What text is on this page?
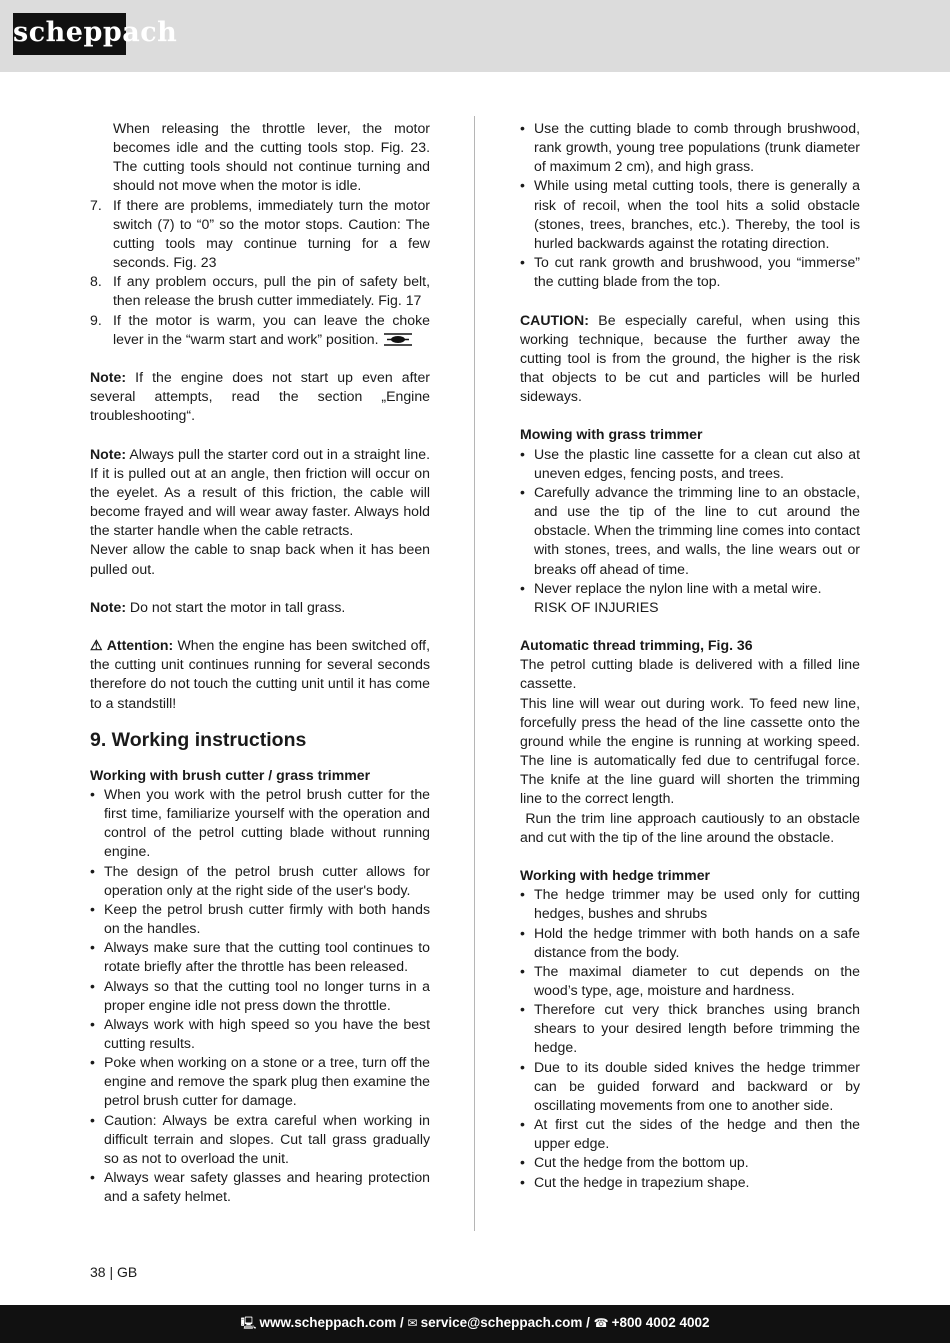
scheppach

When releasing the throttle lever, the motor becomes idle and the cutting tools stop. Fig. 23. The cutting tools should not continue turning and should not move when the motor is idle.

7. If there are problems, immediately turn the motor switch (7) to “0” so the motor stops. Caution: The cutting tools may continue turning for a few seconds. Fig. 23
8. If any problem occurs, pull the pin of safety belt, then release the brush cutter immediately. Fig. 17
9. If the motor is warm, you can leave the choke lever in the “warm start and work” position.

Note: If the engine does not start up even after several attempts, read the section „Engine troubleshooting“.

Note: Always pull the starter cord out in a straight line. If it is pulled out at an angle, then friction will occur on the eyelet. As a result of this friction, the cable will become frayed and will wear away faster. Always hold the starter handle when the cable retracts.

Never allow the cable to snap back when it has been pulled out.

Note: Do not start the motor in tall grass.

⚠ Attention: When the engine has been switched off, the cutting unit continues running for several seconds therefore do not touch the cutting unit until it has come to a standstill!

9. Working instructions

Working with brush cutter / grass trimmer

• When you work with the petrol brush cutter for the first time, familiarize yourself with the operation and control of the petrol cutting blade without running engine.
• The design of the petrol brush cutter allows for operation only at the right side of the user's body.
• Keep the petrol brush cutter firmly with both hands on the handles.
• Always make sure that the cutting tool continues to rotate briefly after the throttle has been released.
• Always so that the cutting tool no longer turns in a proper engine idle not press down the throttle.
• Always work with high speed so you have the best cutting results.
• Poke when working on a stone or a tree, turn off the engine and remove the spark plug then examine the petrol brush cutter for damage.
• Caution: Always be extra careful when working in difficult terrain and slopes. Cut tall grass gradually so as not to overload the unit.
• Always wear safety glasses and hearing protection and a safety helmet.
• Use the cutting blade to comb through brushwood, rank growth, young tree populations (trunk diameter of maximum 2 cm), and high grass.
• While using metal cutting tools, there is generally a risk of recoil, when the tool hits a solid obstacle (stones, trees, branches, etc.). Thereby, the tool is hurled backwards against the rotating direction.
• To cut rank growth and brushwood, you “immerse” the cutting blade from the top.

CAUTION: Be especially careful, when using this working technique, because the further away the cutting tool is from the ground, the higher is the risk that objects to be cut and particles will be hurled sideways.

Mowing with grass trimmer

• Use the plastic line cassette for a clean cut also at uneven edges, fencing posts, and trees.
• Carefully advance the trimming line to an obstacle, and use the tip of the line to cut around the obstacle. When the trimming line comes into contact with stones, trees, and walls, the line wears out or breaks off ahead of time.
• Never replace the nylon line with a metal wire.
RISK OF INJURIES

Automatic thread trimming, Fig. 36

The petrol cutting blade is delivered with a filled line cassette.

This line will wear out during work. To feed new line, forcefully press the head of the line cassette onto the ground while the engine is running at working speed. The line is automatically fed due to centrifugal force. The knife at the line guard will shorten the trimming line to the correct length.

Run the trim line approach cautiously to an obstacle and cut with the tip of the line around the obstacle.

Working with hedge trimmer

• The hedge trimmer may be used only for cutting hedges, bushes and shrubs
• Hold the hedge trimmer with both hands on a safe distance from the body.
• The maximal diameter to cut depends on the wood’s type, age, moisture and hardness.
• Therefore cut very thick branches using branch shears to your desired length before trimming the hedge.
• Due to its double sided knives the hedge trimmer can be guided forward and backward or by oscillating movements from one to another side.
• At first cut the sides of the hedge and then the upper edge.
• Cut the hedge from the bottom up.
• Cut the hedge in trapezium shape.
38 | GB
🖳 www.scheppach.com / ✉ service@scheppach.com / ☎ +800 4002 4002
